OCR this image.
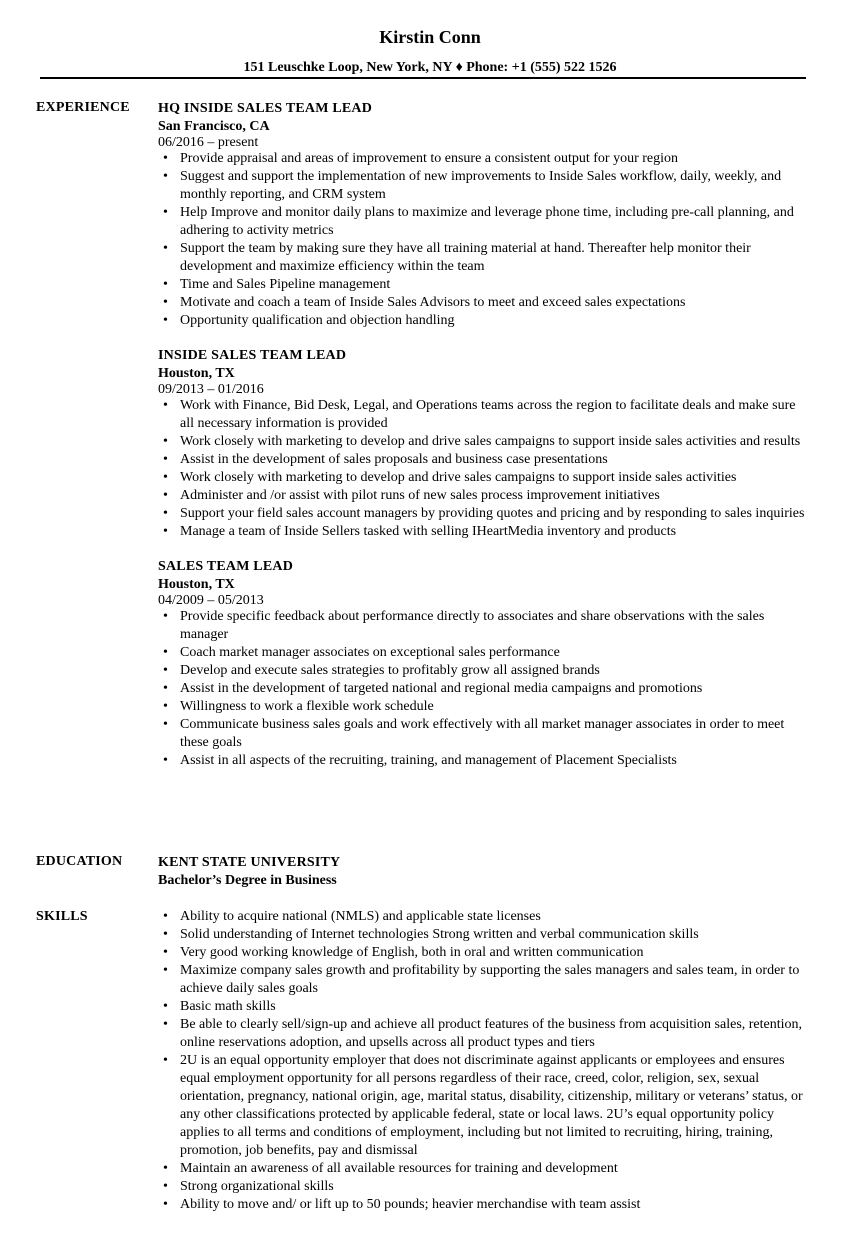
Kirstin Conn
151 Leuschke Loop, New York, NY ♦ Phone: +1 (555) 522 1526
EXPERIENCE HQ INSIDE SALES TEAM LEAD
San Francisco, CA
06/2016 – present
• Provide appraisal and areas of improvement to ensure a consistent output for your region
• Suggest and support the implementation of new improvements to Inside Sales workflow, daily, weekly, and monthly reporting, and CRM system
• Help Improve and monitor daily plans to maximize and leverage phone time, including pre-call planning, and adhering to activity metrics
• Support the team by making sure they have all training material at hand. Thereafter help monitor their development and maximize efficiency within the team
• Time and Sales Pipeline management
• Motivate and coach a team of Inside Sales Advisors to meet and exceed sales expectations
• Opportunity qualification and objection handling
INSIDE SALES TEAM LEAD
Houston, TX
09/2013 – 01/2016
• Work with Finance, Bid Desk, Legal, and Operations teams across the region to facilitate deals and make sure all necessary information is provided
• Work closely with marketing to develop and drive sales campaigns to support inside sales activities and results
• Assist in the development of sales proposals and business case presentations
• Work closely with marketing to develop and drive sales campaigns to support inside sales activities
• Administer and /or assist with pilot runs of new sales process improvement initiatives
• Support your field sales account managers by providing quotes and pricing and by responding to sales inquiries
• Manage a team of Inside Sellers tasked with selling IHeartMedia inventory and products
SALES TEAM LEAD
Houston, TX
04/2009 – 05/2013
• Provide specific feedback about performance directly to associates and share observations with the sales manager
• Coach market manager associates on exceptional sales performance
• Develop and execute sales strategies to profitably grow all assigned brands
• Assist in the development of targeted national and regional media campaigns and promotions
• Willingness to work a flexible work schedule
• Communicate business sales goals and work effectively with all market manager associates in order to meet these goals
• Assist in all aspects of the recruiting, training, and management of Placement Specialists
EDUCATION	KENT STATE UNIVERSITY
Bachelor’s Degree in Business
SKILLS
•	Ability to acquire national (NMLS) and applicable state licenses
• Solid understanding of Internet technologies Strong written and verbal communication skills
• Very good working knowledge of English, both in oral and written communication
• Maximize company sales growth and profitability by supporting the sales managers and sales team, in order to achieve daily sales goals
• Basic math skills
• Be able to clearly sell/sign-up and achieve all product features of the business from acquisition sales, retention, online reservations adoption, and upsells across all product types and tiers
• 2U is an equal opportunity employer that does not discriminate against applicants or employees and ensures equal employment opportunity for all persons regardless of their race, creed, color, religion, sex, sexual orientation, pregnancy, national origin, age, marital status, disability, citizenship, military or veterans’ status, or any other classifications protected by applicable federal, state or local laws. 2U’s equal opportunity policy applies to all terms and conditions of employment, including but not limited to recruiting, hiring, training, promotion, job benefits, pay and dismissal
• Maintain an awareness of all available resources for training and development
• Strong organizational skills
• Ability to move and/ or lift up to 50 pounds; heavier merchandise with team assist
